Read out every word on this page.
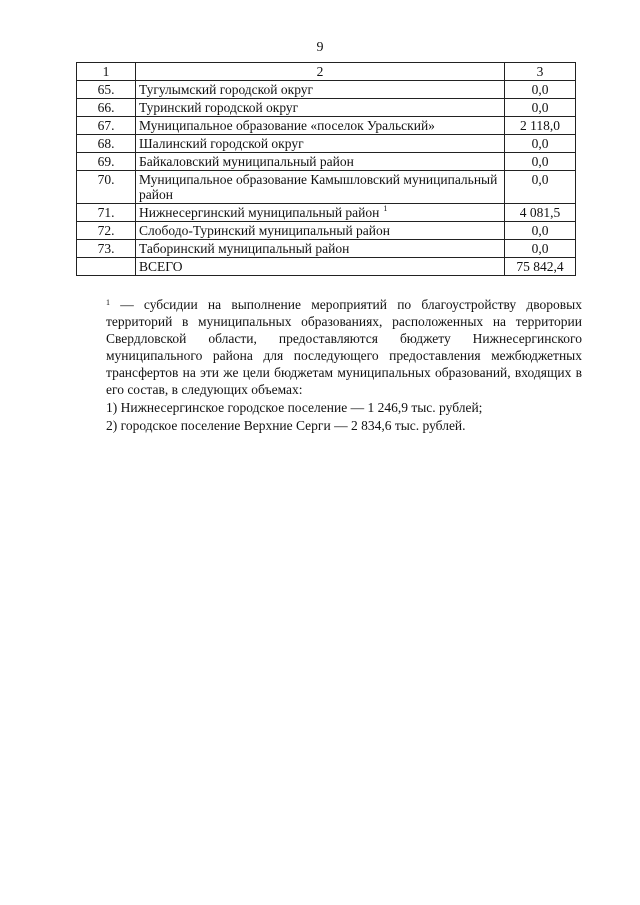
9
1	2	3
65.	Тугулымский городской округ	0,0
66.	Туринский городской округ	0,0
67.	Муниципальное образование «поселок Уральский»	2 118,0
68.	Шалинский городской округ	0,0
69.	Байкаловский муниципальный район	0,0
70.	Муниципальное образование Камышловский муниципальный район	0,0
71.	Нижнесергинский муниципальный район $^1$	4 081,5
72.	Слободо-Туринский муниципальный район	0,0
73.	Таборинский муниципальный район	0,0
	ВСЕГО	75 842,4

$^1$ — субсидии на выполнение мероприятий по благоустройству дворовых территорий в муниципальных образованиях, расположенных на территории Свердловской области, предоставляются бюджету Нижнесергинского муниципального района для последующего предоставления межбюджетных трансфертов на эти же цели бюджетам муниципальных образований, входящих в его состав, в следующих объемах:

1) Нижнесергинское городское поселение — 1 246,9 тыс. рублей;
2) городское поселение Верхние Серги — 2 834,6 тыс. рублей.
